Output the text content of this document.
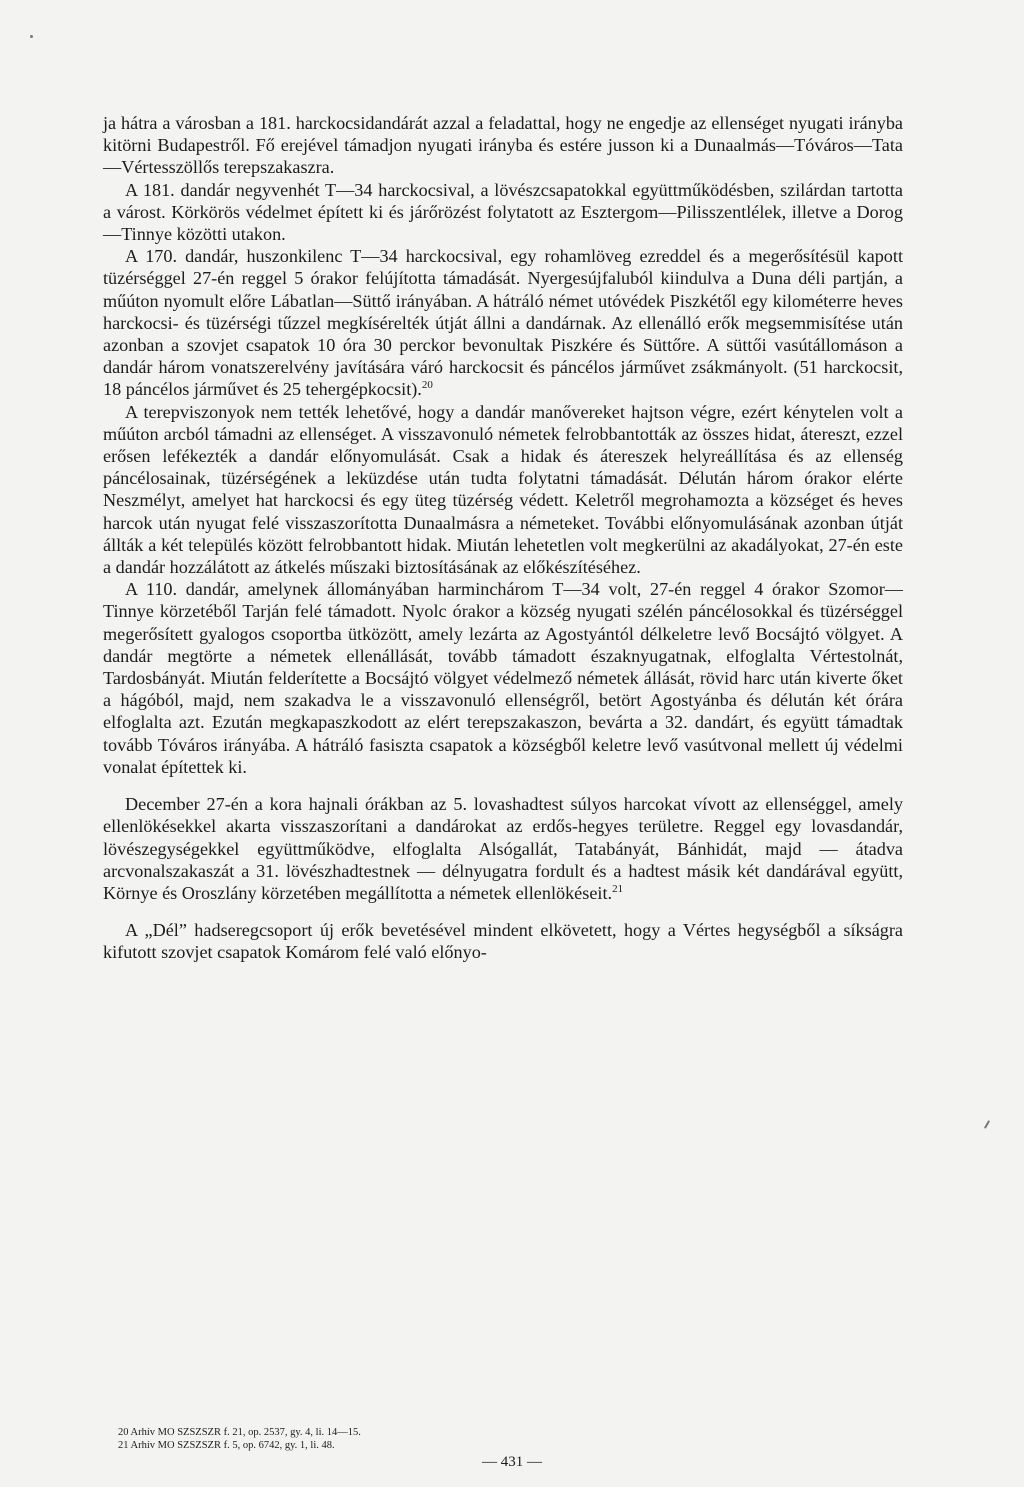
ja hátra a városban a 181. harckocsidandárát azzal a feladattal, hogy ne engedje az ellenséget nyugati irányba kitörni Budapestről. Fő erejével támadjon nyugati irányba és estére jusson ki a Dunaalmás—Tóváros—Tata—Vértesszöllős terepszakaszra.

A 181. dandár negyvenhét T—34 harckocsival, a lövészcsapatokkal együttműködésben, szilárdan tartotta a várost. Körkörös védelmet épített ki és járőrözést folytatott az Esztergom—Pilisszentlélek, illetve a Dorog—Tinnye közötti utakon.

A 170. dandár, huszonkilenc T—34 harckocsival, egy rohamlöveg ezreddel és a megerősítésül kapott tüzérséggel 27-én reggel 5 órakor felújította támadását. Nyergesújfaluból kiindulva a Duna déli partján, a műúton nyomult előre Lábatlan—Süttő irányában. A hátráló német utóvédek Piszkétől egy kilométerre heves harckocsi- és tüzérségi tűzzel megkísérelték útját állni a dandárnak. Az ellenálló erők megsemmisítése után azonban a szovjet csapatok 10 óra 30 perckor bevonultak Piszkére és Süttőre. A süttői vasútállomáson a dandár három vonatszerelvény javítására váró harckocsit és páncélos járművet zsákmányolt. (51 harckocsit, 18 páncélos járművet és 25 tehergépkocsit).$^{20}$

A terepviszonyok nem tették lehetővé, hogy a dandár manővereket hajtson végre, ezért kénytelen volt a műúton arcból támadni az ellenséget. A visszavonuló németek felrobbantották az összes hidat, átereszt, ezzel erősen lefékezték a dandár előnyomulását. Csak a hidak és átereszek helyreállítása és az ellenség páncélosainak, tüzérségének a leküzdése után tudta folytatni támadását. Délután három órakor elérte Neszmélyt, amelyet hat harckocsi és egy üteg tüzérség védett. Keletről megrohamozta a községet és heves harcok után nyugat felé visszaszorította Dunaalmásra a németeket. További előnyomulásának azonban útját állták a két település között felrobbantott hidak. Miután lehetetlen volt megkerülni az akadályokat, 27-én este a dandár hozzálátott az átkelés műszaki biztosításának az előkészítéséhez.

A 110. dandár, amelynek állományában harminchárom T—34 volt, 27-én reggel 4 órakor Szomor—Tinnye körzetéből Tarján felé támadott. Nyolc órakor a község nyugati szélén páncélosokkal és tüzérséggel megerősített gyalogos csoportba ütközött, amely lezárta az Agostyántól délkeletre levő Bocsájtó völgyet. A dandár megtörte a németek ellenállását, tovább támadott északnyugatnak, elfoglalta Vértestolnát, Tardosbányát. Miután felderítette a Bocsájtó völgyet védelmező németek állását, rövid harc után kiverte őket a hágóból, majd, nem szakadva le a visszavonuló ellenségről, betört Agostyánba és délután két órára elfoglalta azt. Ezután megkapaszkodott az elért terepszakaszon, bevárta a 32. dandárt, és együtt támadtak tovább Tóváros irányába. A hátráló fasiszta csapatok a községből keletre levő vasútvonal mellett új védelmi vonalat építettek ki.

December 27-én a kora hajnali órákban az 5. lovashadtest súlyos harcokat vívott az ellenséggel, amely ellenlökésekkel akarta visszaszorítani a dandárokat az erdős-hegyes területre. Reggel egy lovasdandár, lövészegységekkel együttműködve, elfoglalta Alsógallát, Tatabányát, Bánhidát, majd — átadva arcvonalszakaszát a 31. lövészhadtestnek — délnyugatra fordult és a hadtest másik két dandárával együtt, Környe és Oroszlány körzetében megállította a németek ellenlökéseit.$^{21}$

A „Dél” hadseregcsoport új erők bevetésével mindent elkövetett, hogy a Vértes hegységből a síkságra kifutott szovjet csapatok Komárom felé való előnyo-

20 Arhív MO SZSZSZR f. 21, op. 2537, gy. 4, li. 14—15.
21 Arhív MO SZSZSZR f. 5, op. 6742, gy. 1, li. 48.
— 431 —
